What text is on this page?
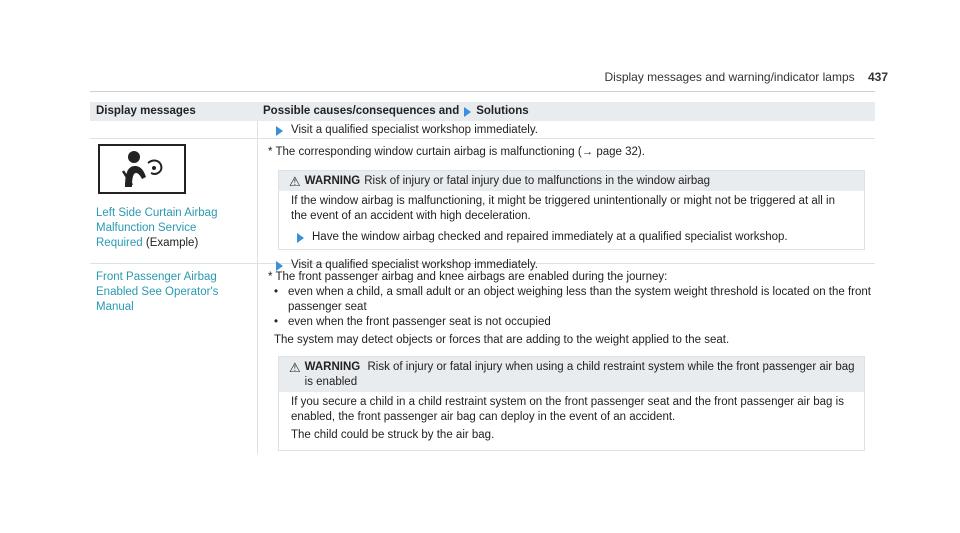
Display messages and warning/indicator lamps 437
Display messages	Possible causes/consequences and Solutions
Visit a qualified specialist workshop immediately.
Left Side Curtain Airbag Malfunction Service Required (Example)
* The corresponding window curtain airbag is malfunctioning (→ page 32).
⚠ WARNING Risk of injury or fatal injury due to malfunctions in the window airbag

If the window airbag is malfunctioning, it might be triggered unintentionally or might not be triggered at all in the event of an accident with high deceleration.

Have the window airbag checked and repaired immediately at a qualified specialist workshop.
Visit a qualified specialist workshop immediately.
Front Passenger Airbag Enabled See Operator's Manual
* The front passenger airbag and knee airbags are enabled during the journey:
• even when a child, a small adult or an object weighing less than the system weight threshold is located on the front passenger seat
• even when the front passenger seat is not occupied
The system may detect objects or forces that are adding to the weight applied to the seat.
⚠ WARNING Risk of injury or fatal injury when using a child restraint system while the front passenger air bag is enabled

If you secure a child in a child restraint system on the front passenger seat and the front passenger air bag is enabled, the front passenger air bag can deploy in the event of an accident.

The child could be struck by the air bag.
